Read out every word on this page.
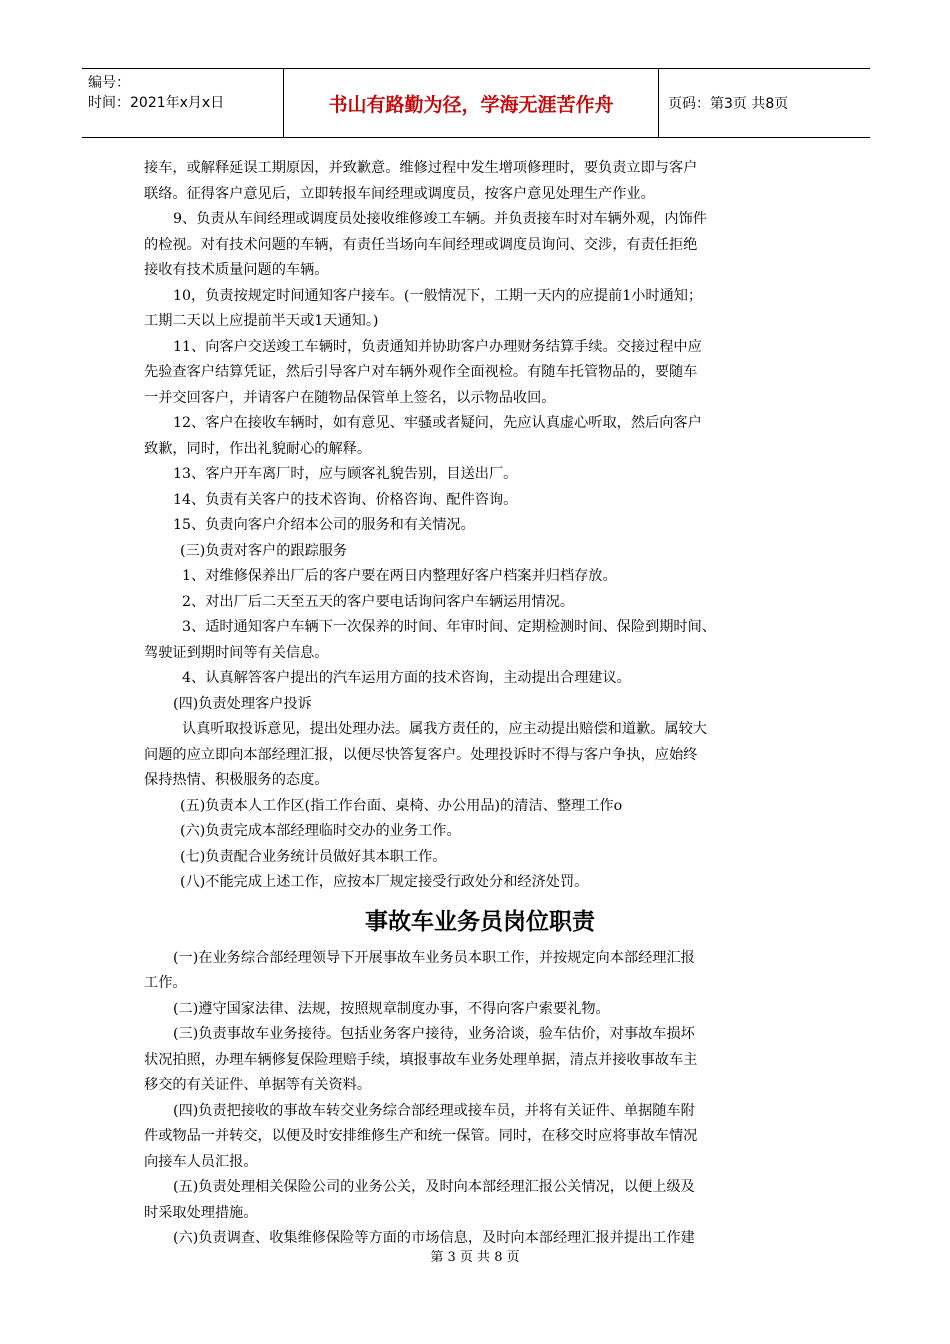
编号：
时间：2021年x月x日	书山有路勤为径，学海无涯苦作舟	页码：第3页 共8页

接车，或解释延误工期原因，并致歉意。维修过程中发生增项修理时，要负责立即与客户

联络。征得客户意见后，立即转报车间经理或调度员，按客户意见处理生产作业。

9、负责从车间经理或调度员处接收维修竣工车辆。并负责接车时对车辆外观，内饰件

的检视。对有技术问题的车辆，有责任当场向车间经理或调度员询问、交涉，有责任拒绝

接收有技术质量问题的车辆。

10，负责按规定时间通知客户接车。(一般情况下，工期一天内的应提前1小时通知；

工期二天以上应提前半天或1天通知。)

11、向客户交送竣工车辆时，负责通知并协助客户办理财务结算手续。交接过程中应

先验查客户结算凭证，然后引导客户对车辆外观作全面视检。有随车托管物品的，要随车

一并交回客户，并请客户在随物品保管单上签名，以示物品收回。

12、客户在接收车辆时，如有意见、牢骚或者疑问，先应认真虚心听取，然后向客户

致歉，同时，作出礼貌耐心的解释。

13、客户开车离厂时，应与顾客礼貌告别，目送出厂。

14、负责有关客户的技术咨询、价格咨询、配件咨询。

15、负责向客户介绍本公司的服务和有关情况。

(三)负责对客户的跟踪服务

1、对维修保养出厂后的客户要在两日内整理好客户档案并归档存放。

2、对出厂后二天至五天的客户要电话询问客户车辆运用情况。

3、适时通知客户车辆下一次保养的时间、年审时间、定期检测时间、保险到期时间、

驾驶证到期时间等有关信息。

4、认真解答客户提出的汽车运用方面的技术咨询，主动提出合理建议。

(四)负责处理客户投诉

认真听取投诉意见，提出处理办法。属我方责任的，应主动提出赔偿和道歉。属较大

问题的应立即向本部经理汇报，以便尽快答复客户。处理投诉时不得与客户争执，应始终

保持热情、积极服务的态度。

(五)负责本人工作区(指工作台面、桌椅、办公用品)的清洁、整理工作o

(六)负责完成本部经理临时交办的业务工作。

(七)负责配合业务统计员做好其本职工作。

(八)不能完成上述工作，应按本厂规定接受行政处分和经济处罚。

事故车业务员岗位职责

(一)在业务综合部经理领导下开展事故车业务员本职工作，并按规定向本部经理汇报

工作。

(二)遵守国家法律、法规，按照规章制度办事，不得向客户索要礼物。

(三)负责事故车业务接待。包括业务客户接待，业务洽谈，验车估价，对事故车损坏

状况拍照，办理车辆修复保险理赔手续，填报事故车业务处理单据，清点并接收事故车主

移交的有关证件、单据等有关资料。

(四)负责把接收的事故车转交业务综合部经理或接车员，并将有关证件、单据随车附

件或物品一并转交，以便及时安排维修生产和统一保管。同时，在移交时应将事故车情况

向接车人员汇报。

(五)负责处理相关保险公司的业务公关，及时向本部经理汇报公关情况，以便上级及

时采取处理措施。

(六)负责调查、收集维修保险等方面的市场信息，及时向本部经理汇报并提出工作建

第 3 页 共 8 页
